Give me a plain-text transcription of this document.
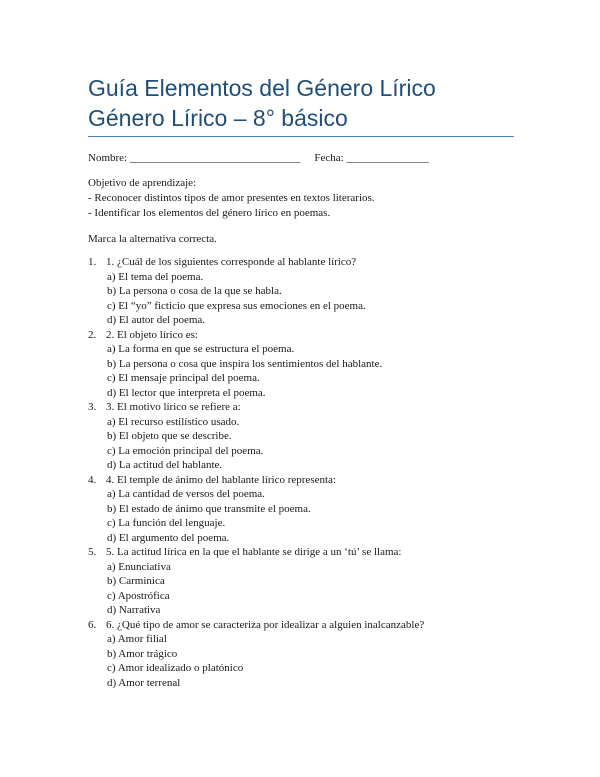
Guía Elementos del Género Lírico
Género Lírico – 8° básico
Nombre: _______________________________ Fecha: _______________
Objetivo de aprendizaje:
- Reconocer distintos tipos de amor presentes en textos literarios.
- Identificar los elementos del género lírico en poemas.
Marca la alternativa correcta.
1. 1. ¿Cuál de los siguientes corresponde al hablante lírico?
a) El tema del poema.
b) La persona o cosa de la que se habla.
c) El “yo” ficticio que expresa sus emociones en el poema.
d) El autor del poema.
2. 2. El objeto lírico es:
a) La forma en que se estructura el poema.
b) La persona o cosa que inspira los sentimientos del hablante.
c) El mensaje principal del poema.
d) El lector que interpreta el poema.
3. 3. El motivo lírico se refiere a:
a) El recurso estilístico usado.
b) El objeto que se describe.
c) La emoción principal del poema.
d) La actitud del hablante.
4. 4. El temple de ánimo del hablante lírico representa:
a) La cantidad de versos del poema.
b) El estado de ánimo que transmite el poema.
c) La función del lenguaje.
d) El argumento del poema.
5. 5. La actitud lírica en la que el hablante se dirige a un ‘tú’ se llama:
a) Enunciativa
b) Carminica
c) Apostrófica
d) Narrativa
6. 6. ¿Qué tipo de amor se caracteriza por idealizar a alguien inalcanzable?
a) Amor filial
b) Amor trágico
c) Amor idealizado o platónico
d) Amor terrenal
